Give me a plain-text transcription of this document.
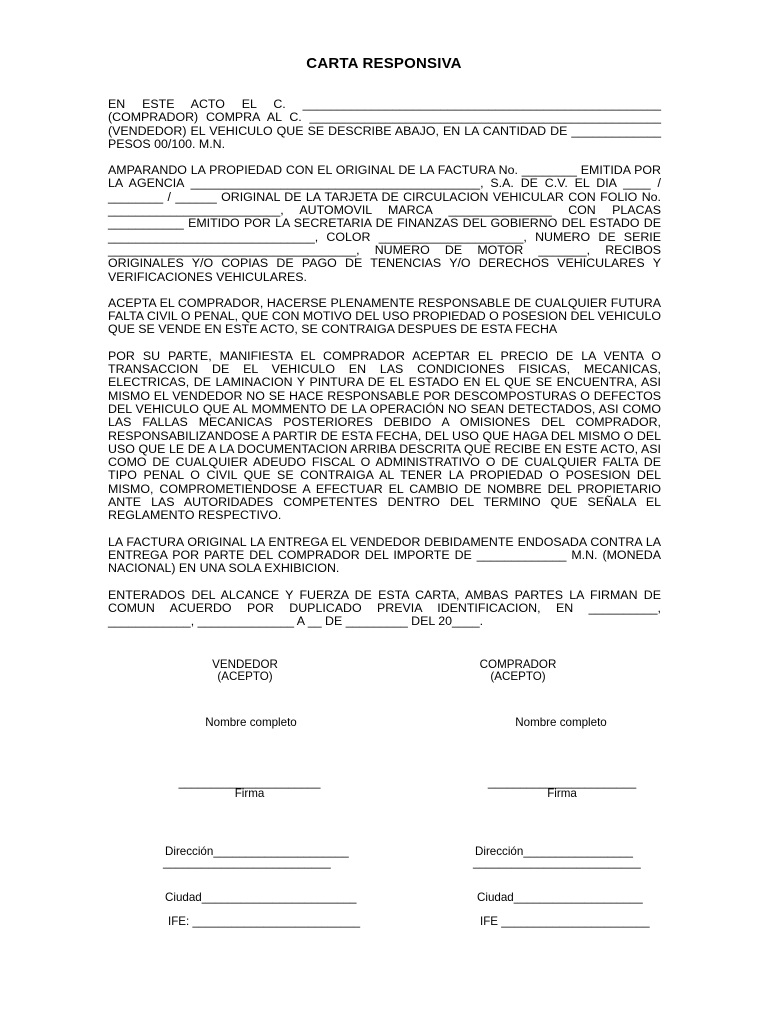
CARTA RESPONSIVA

EN ESTE ACTO EL C. ____________________________________________________ (COMPRADOR) COMPRA AL C. ___________________________________________________ (VENDEDOR) EL VEHICULO QUE SE DESCRIBE ABAJO, EN LA CANTIDAD DE _____________ PESOS 00/100. M.N.

AMPARANDO LA PROPIEDAD CON EL ORIGINAL DE LA FACTURA No. ________ EMITIDA POR LA AGENCIA __________________________________________, S.A. DE C.V. EL DIA ____ / ________ / ______ ORIGINAL DE LA TARJETA DE CIRCULACION VEHICULAR CON FOLIO No. _________________________, AUTOMOVIL MARCA _______________ CON PLACAS ___________ EMITIDO POR LA SECRETARIA DE FINANZAS DEL GOBIERNO DEL ESTADO DE ______________________________, COLOR _____________________, NUMERO DE SERIE ____________________________________, NUMERO DE MOTOR _______, RECIBOS ORIGINALES Y/O COPIAS DE PAGO DE TENENCIAS Y/O DERECHOS VEHICULARES Y VERIFICACIONES VEHICULARES.

ACEPTA EL COMPRADOR, HACERSE PLENAMENTE RESPONSABLE DE CUALQUIER FUTURA FALTA CIVIL O PENAL, QUE CON MOTIVO DEL USO PROPIEDAD O POSESION DEL VEHICULO QUE SE VENDE EN ESTE ACTO, SE CONTRAIGA DESPUES DE ESTA FECHA

POR SU PARTE, MANIFIESTA EL COMPRADOR ACEPTAR EL PRECIO DE LA VENTA O TRANSACCION DE EL VEHICULO EN LAS CONDICIONES FISICAS, MECANICAS, ELECTRICAS, DE LAMINACION Y PINTURA DE EL ESTADO EN EL QUE SE ENCUENTRA, ASI MISMO EL VENDEDOR NO SE HACE RESPONSABLE POR DESCOMPOSTURAS O DEFECTOS DEL VEHICULO QUE AL MOMMENTO DE LA OPERACIÓN NO SEAN DETECTADOS, ASI COMO LAS FALLAS MECANICAS POSTERIORES DEBIDO A OMISIONES DEL COMPRADOR, RESPONSABILIZANDOSE A PARTIR DE ESTA FECHA, DEL USO QUE HAGA DEL MISMO O DEL USO QUE LE DE A LA DOCUMENTACION ARRIBA DESCRITA QUE RECIBE EN ESTE ACTO, ASI COMO DE CUALQUIER ADEUDO FISCAL O ADMINISTRATIVO O DE CUALQUIER FALTA DE TIPO PENAL O CIVIL QUE SE CONTRAIGA AL TENER LA PROPIEDAD O POSESION DEL MISMO, COMPROMETIENDOSE A EFECTUAR EL CAMBIO DE NOMBRE DEL PROPIETARIO ANTE LAS AUTORIDADES COMPETENTES DENTRO DEL TERMINO QUE SEÑALA EL REGLAMENTO RESPECTIVO.

LA FACTURA ORIGINAL LA ENTREGA EL VENDEDOR DEBIDAMENTE ENDOSADA CONTRA LA ENTREGA POR PARTE DEL COMPRADOR DEL IMPORTE DE _____________ M.N. (MONEDA NACIONAL) EN UNA SOLA EXHIBICION.

ENTERADOS DEL ALCANCE Y FUERZA DE ESTA CARTA, AMBAS PARTES LA FIRMAN DE COMUN ACUERDO POR DUPLICADO PREVIA IDENTIFICACION, EN __________, ____________, ______________ A __ DE _________ DEL 20____.

VENDEDOR
(ACEPTO)
Nombre completo
______________________
Firma
Dirección_____________________
__________________________
Ciudad________________________
IFE: __________________________
COMPRADOR
(ACEPTO)
Nombre completo
_______________________
Firma
Dirección_________________
__________________________
Ciudad____________________
IFE _______________________
